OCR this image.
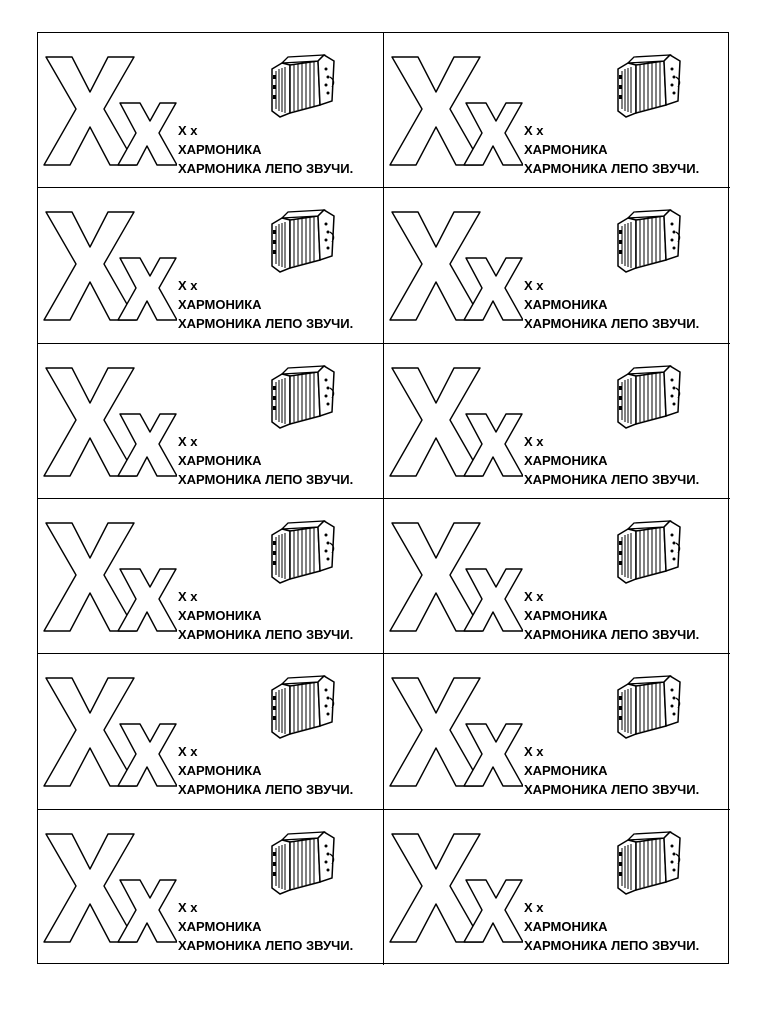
Х х
ХАРМОНИКА
ХАРМОНИКА ЛЕПО ЗВУЧИ.
Х х
ХАРМОНИКА
ХАРМОНИКА ЛЕПО ЗВУЧИ.
Х х
ХАРМОНИКА
ХАРМОНИКА ЛЕПО ЗВУЧИ.
Х х
ХАРМОНИКА
ХАРМОНИКА ЛЕПО ЗВУЧИ.
Х х
ХАРМОНИКА
ХАРМОНИКА ЛЕПО ЗВУЧИ.
Х х
ХАРМОНИКА
ХАРМОНИКА ЛЕПО ЗВУЧИ.
Х х
ХАРМОНИКА
ХАРМОНИКА ЛЕПО ЗВУЧИ.
Х х
ХАРМОНИКА
ХАРМОНИКА ЛЕПО ЗВУЧИ.
Х х
ХАРМОНИКА
ХАРМОНИКА ЛЕПО ЗВУЧИ.
Х х
ХАРМОНИКА
ХАРМОНИКА ЛЕПО ЗВУЧИ.
Х х
ХАРМОНИКА
ХАРМОНИКА ЛЕПО ЗВУЧИ.
Х х
ХАРМОНИКА
ХАРМОНИКА ЛЕПО ЗВУЧИ.
